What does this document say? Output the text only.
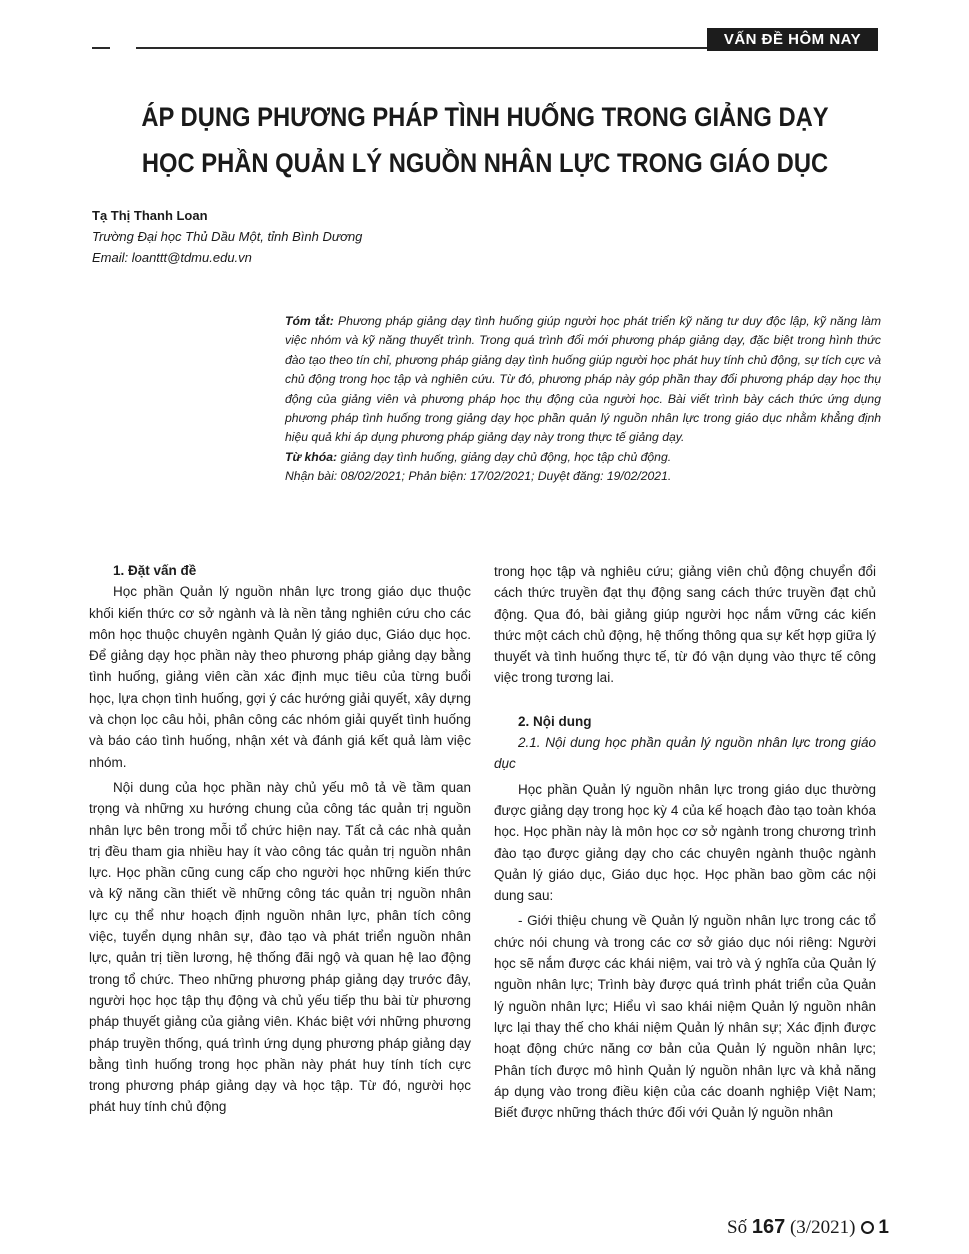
VẤN ĐỀ HÔM NAY
ÁP DỤNG PHƯƠNG PHÁP TÌNH HUỐNG TRONG GIẢNG DẠY
HỌC PHẦN QUẢN LÝ NGUỒN NHÂN LỰC TRONG GIÁO DỤC
Tạ Thị Thanh Loan
Trường Đại học Thủ Dầu Một, tỉnh Bình Dương
Email: loanttt@tdmu.edu.vn

Tóm tắt: Phương pháp giảng dạy tình huống giúp người học phát triển kỹ năng tư duy độc lập, kỹ năng làm việc nhóm và kỹ năng thuyết trình. Trong quá trình đổi mới phương pháp giảng dạy, đặc biệt trong hình thức đào tạo theo tín chỉ, phương pháp giảng dạy tình huống giúp người học phát huy tính chủ động, sự tích cực và chủ động trong học tập và nghiên cứu. Từ đó, phương pháp này góp phần thay đổi phương pháp dạy học thụ động của giảng viên và phương pháp học thụ động của người học. Bài viết trình bày cách thức ứng dụng phương pháp tình huống trong giảng dạy học phần quản lý nguồn nhân lực trong giáo dục nhằm khẳng định hiệu quả khi áp dụng phương pháp giảng dạy này trong thực tế giảng dạy.

Từ khóa: giảng dạy tình huống, giảng dạy chủ động, học tập chủ động.

Nhận bài: 08/02/2021; Phản biện: 17/02/2021; Duyệt đăng: 19/02/2021.

1. Đặt vấn đề

Học phần Quản lý nguồn nhân lực trong giáo dục thuộc khối kiến thức cơ sở ngành và là nền tảng nghiên cứu cho các môn học thuộc chuyên ngành Quản lý giáo dục, Giáo dục học. Để giảng dạy học phần này theo phương pháp giảng dạy bằng tình huống, giảng viên cần xác định mục tiêu của từng buổi học, lựa chọn tình huống, gợi ý các hướng giải quyết, xây dựng và chọn lọc câu hỏi, phân công các nhóm giải quyết tình huống và báo cáo tình huống, nhận xét và đánh giá kết quả làm việc nhóm.

Nội dung của học phần này chủ yếu mô tả về tầm quan trọng và những xu hướng chung của công tác quản trị nguồn nhân lực bên trong mỗi tổ chức hiện nay. Tất cả các nhà quản trị đều tham gia nhiều hay ít vào công tác quản trị nguồn nhân lực. Học phần cũng cung cấp cho người học những kiến thức và kỹ năng cần thiết về những công tác quản trị nguồn nhân lực cụ thể như hoạch định nguồn nhân lực, phân tích công việc, tuyển dụng nhân sự, đào tạo và phát triển nguồn nhân lực, quản trị tiền lương, hệ thống đãi ngộ và quan hệ lao động trong tổ chức. Theo những phương pháp giảng dạy trước đây, người học học tập thụ động và chủ yếu tiếp thu bài từ phương pháp thuyết giảng của giảng viên. Khác biệt với những phương pháp truyền thống, quá trình ứng dụng phương pháp giảng dạy bằng tình huống trong học phần này phát huy tính tích cực trong phương pháp giảng dạy và học tập. Từ đó, người học phát huy tính chủ động

trong học tập và nghiêu cứu; giảng viên chủ động chuyển đổi cách thức truyền đạt thụ động sang cách thức truyền đạt chủ động. Qua đó, bài giảng giúp người học nắm vững các kiến thức một cách chủ động, hệ thống thông qua sự kết hợp giữa lý thuyết và tình huống thực tế, từ đó vận dụng vào thực tế công việc trong tương lai.

2. Nội dung

2.1. Nội dung học phần quản lý nguồn nhân lực trong giáo dục

Học phần Quản lý nguồn nhân lực trong giáo dục thường được giảng dạy trong học kỳ 4 của kế hoạch đào tạo toàn khóa học. Học phần này là môn học cơ sở ngành trong chương trình đào tạo được giảng dạy cho các chuyên ngành thuộc ngành Quản lý giáo dục, Giáo dục học. Học phần bao gồm các nội dung sau:

- Giới thiệu chung về Quản lý nguồn nhân lực trong các tổ chức nói chung và trong các cơ sở giáo dục nói riêng: Người học sẽ nắm được các khái niệm, vai trò và ý nghĩa của Quản lý nguồn nhân lực; Trình bày được quá trình phát triển của Quản lý nguồn nhân lực; Hiểu vì sao khái niệm Quản lý nguồn nhân lực lại thay thế cho khái niệm Quản lý nhân sự; Xác định được hoạt động chức năng cơ bản của Quản lý nguồn nhân lực; Phân tích được mô hình Quản lý nguồn nhân lực và khả năng áp dụng vào trong điều kiện của các doanh nghiệp Việt Nam; Biết được những thách thức đối với Quản lý nguồn nhân

Số 167 (3/2021) 1
